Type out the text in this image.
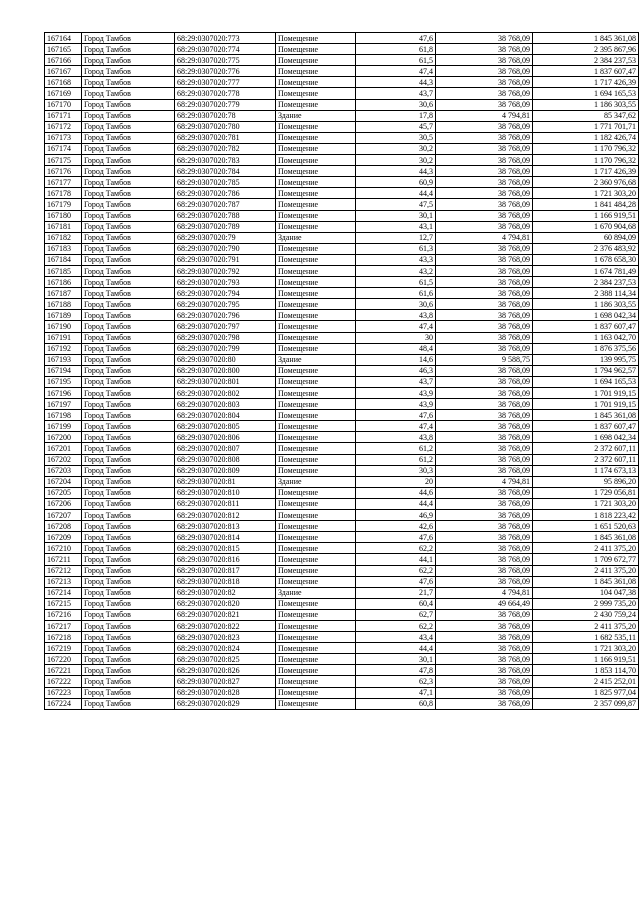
167164	Город Тамбов	68:29:0307020:773	Помещение	47,6	38 768,09	1 845 361,08
167165	Город Тамбов	68:29:0307020:774	Помещение	61,8	38 768,09	2 395 867,96
167166	Город Тамбов	68:29:0307020:775	Помещение	61,5	38 768,09	2 384 237,53
167167	Город Тамбов	68:29:0307020:776	Помещение	47,4	38 768,09	1 837 607,47
167168	Город Тамбов	68:29:0307020:777	Помещение	44,3	38 768,09	1 717 426,39
167169	Город Тамбов	68:29:0307020:778	Помещение	43,7	38 768,09	1 694 165,53
167170	Город Тамбов	68:29:0307020:779	Помещение	30,6	38 768,09	1 186 303,55
167171	Город Тамбов	68:29:0307020:78	Здание	17,8	4 794,81	85 347,62
167172	Город Тамбов	68:29:0307020:780	Помещение	45,7	38 768,09	1 771 701,71
167173	Город Тамбов	68:29:0307020:781	Помещение	30,5	38 768,09	1 182 426,74
167174	Город Тамбов	68:29:0307020:782	Помещение	30,2	38 768,09	1 170 796,32
167175	Город Тамбов	68:29:0307020:783	Помещение	30,2	38 768,09	1 170 796,32
167176	Город Тамбов	68:29:0307020:784	Помещение	44,3	38 768,09	1 717 426,39
167177	Город Тамбов	68:29:0307020:785	Помещение	60,9	38 768,09	2 360 976,68
167178	Город Тамбов	68:29:0307020:786	Помещение	44,4	38 768,09	1 721 303,20
167179	Город Тамбов	68:29:0307020:787	Помещение	47,5	38 768,09	1 841 484,28
167180	Город Тамбов	68:29:0307020:788	Помещение	30,1	38 768,09	1 166 919,51
167181	Город Тамбов	68:29:0307020:789	Помещение	43,1	38 768,09	1 670 904,68
167182	Город Тамбов	68:29:0307020:79	Здание	12,7	4 794,81	60 894,09
167183	Город Тамбов	68:29:0307020:790	Помещение	61,3	38 768,09	2 376 483,92
167184	Город Тамбов	68:29:0307020:791	Помещение	43,3	38 768,09	1 678 658,30
167185	Город Тамбов	68:29:0307020:792	Помещение	43,2	38 768,09	1 674 781,49
167186	Город Тамбов	68:29:0307020:793	Помещение	61,5	38 768,09	2 384 237,53
167187	Город Тамбов	68:29:0307020:794	Помещение	61,6	38 768,09	2 388 114,34
167188	Город Тамбов	68:29:0307020:795	Помещение	30,6	38 768,09	1 186 303,55
167189	Город Тамбов	68:29:0307020:796	Помещение	43,8	38 768,09	1 698 042,34
167190	Город Тамбов	68:29:0307020:797	Помещение	47,4	38 768,09	1 837 607,47
167191	Город Тамбов	68:29:0307020:798	Помещение	30	38 768,09	1 163 042,70
167192	Город Тамбов	68:29:0307020:799	Помещение	48,4	38 768,09	1 876 375,56
167193	Город Тамбов	68:29:0307020:80	Здание	14,6	9 588,75	139 995,75
167194	Город Тамбов	68:29:0307020:800	Помещение	46,3	38 768,09	1 794 962,57
167195	Город Тамбов	68:29:0307020:801	Помещение	43,7	38 768,09	1 694 165,53
167196	Город Тамбов	68:29:0307020:802	Помещение	43,9	38 768,09	1 701 919,15
167197	Город Тамбов	68:29:0307020:803	Помещение	43,9	38 768,09	1 701 919,15
167198	Город Тамбов	68:29:0307020:804	Помещение	47,6	38 768,09	1 845 361,08
167199	Город Тамбов	68:29:0307020:805	Помещение	47,4	38 768,09	1 837 607,47
167200	Город Тамбов	68:29:0307020:806	Помещение	43,8	38 768,09	1 698 042,34
167201	Город Тамбов	68:29:0307020:807	Помещение	61,2	38 768,09	2 372 607,11
167202	Город Тамбов	68:29:0307020:808	Помещение	61,2	38 768,09	2 372 607,11
167203	Город Тамбов	68:29:0307020:809	Помещение	30,3	38 768,09	1 174 673,13
167204	Город Тамбов	68:29:0307020:81	Здание	20	4 794,81	95 896,20
167205	Город Тамбов	68:29:0307020:810	Помещение	44,6	38 768,09	1 729 056,81
167206	Город Тамбов	68:29:0307020:811	Помещение	44,4	38 768,09	1 721 303,20
167207	Город Тамбов	68:29:0307020:812	Помещение	46,9	38 768,09	1 818 223,42
167208	Город Тамбов	68:29:0307020:813	Помещение	42,6	38 768,09	1 651 520,63
167209	Город Тамбов	68:29:0307020:814	Помещение	47,6	38 768,09	1 845 361,08
167210	Город Тамбов	68:29:0307020:815	Помещение	62,2	38 768,09	2 411 375,20
167211	Город Тамбов	68:29:0307020:816	Помещение	44,1	38 768,09	1 709 672,77
167212	Город Тамбов	68:29:0307020:817	Помещение	62,2	38 768,09	2 411 375,20
167213	Город Тамбов	68:29:0307020:818	Помещение	47,6	38 768,09	1 845 361,08
167214	Город Тамбов	68:29:0307020:82	Здание	21,7	4 794,81	104 047,38
167215	Город Тамбов	68:29:0307020:820	Помещение	60,4	49 664,49	2 999 735,20
167216	Город Тамбов	68:29:0307020:821	Помещение	62,7	38 768,09	2 430 759,24
167217	Город Тамбов	68:29:0307020:822	Помещение	62,2	38 768,09	2 411 375,20
167218	Город Тамбов	68:29:0307020:823	Помещение	43,4	38 768,09	1 682 535,11
167219	Город Тамбов	68:29:0307020:824	Помещение	44,4	38 768,09	1 721 303,20
167220	Город Тамбов	68:29:0307020:825	Помещение	30,1	38 768,09	1 166 919,51
167221	Город Тамбов	68:29:0307020:826	Помещение	47,8	38 768,09	1 853 114,70
167222	Город Тамбов	68:29:0307020:827	Помещение	62,3	38 768,09	2 415 252,01
167223	Город Тамбов	68:29:0307020:828	Помещение	47,1	38 768,09	1 825 977,04
167224	Город Тамбов	68:29:0307020:829	Помещение	60,8	38 768,09	2 357 099,87
